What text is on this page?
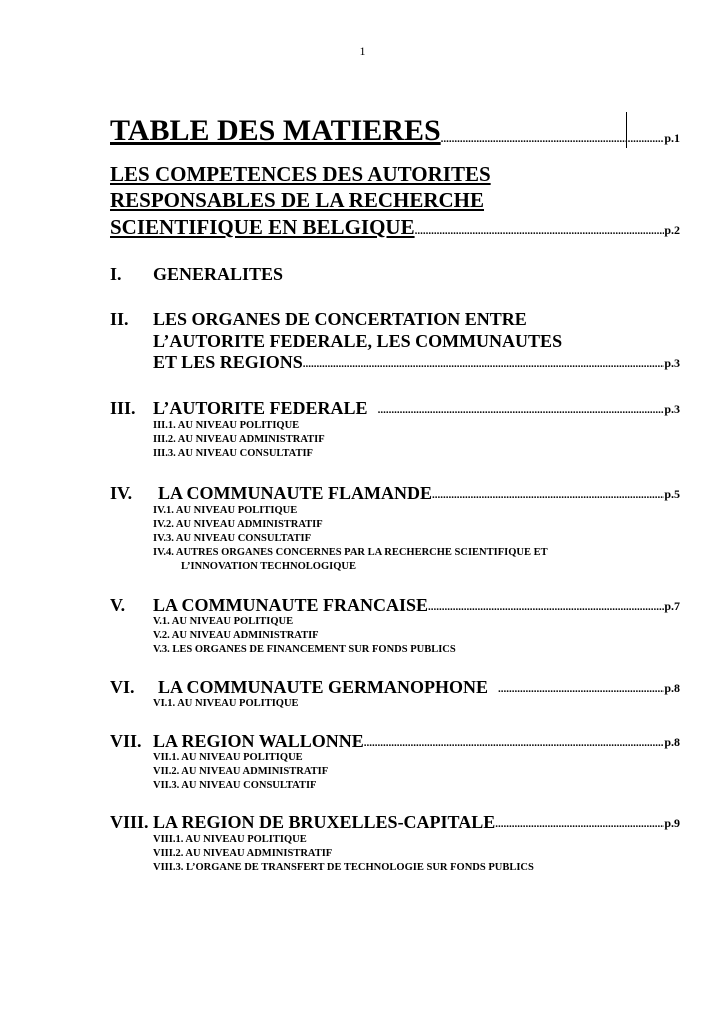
1
TABLE DES MATIERES .....	p.1
LES COMPETENCES DES AUTORITES
RESPONSABLES DE LA RECHERCHE
SCIENTIFIQUE EN BELGIQUE .....	p.2
I. GENERALITES
II. LES ORGANES DE CONCERTATION ENTRE
L’AUTORITE FEDERALE, LES COMMUNAUTES
ET LES REGIONS .....	p.3
III. L’AUTORITE FEDERALE .....	p.3
III.1. AU NIVEAU POLITIQUE
III.2. AU NIVEAU ADMINISTRATIF
III.3. AU NIVEAU CONSULTATIF
IV.	LA COMMUNAUTE FLAMANDE .....	p.5
IV.1. AU NIVEAU POLITIQUE
IV.2. AU NIVEAU ADMINISTRATIF
IV.3. AU NIVEAU CONSULTATIF
IV.4. AUTRES ORGANES CONCERNES PAR LA RECHERCHE SCIENTIFIQUE ET
L’INNOVATION TECHNOLOGIQUE
V.	LA COMMUNAUTE FRANCAISE .....	p.7
V.1. AU NIVEAU POLITIQUE
V.2. AU NIVEAU ADMINISTRATIF
V.3. LES ORGANES DE FINANCEMENT SUR FONDS PUBLICS
VI.	LA COMMUNAUTE GERMANOPHONE .....	p.8
VI.1. AU NIVEAU POLITIQUE
VII. LA REGION WALLONNE .....	p.8
VII.1. AU NIVEAU POLITIQUE
VII.2. AU NIVEAU ADMINISTRATIF
VII.3. AU NIVEAU CONSULTATIF
VIII. LA REGION DE BRUXELLES-CAPITALE .....	p.9
VIII.1. AU NIVEAU POLITIQUE
VIII.2. AU NIVEAU ADMINISTRATIF
VIII.3. L’ORGANE DE TRANSFERT DE TECHNOLOGIE SUR FONDS PUBLICS
